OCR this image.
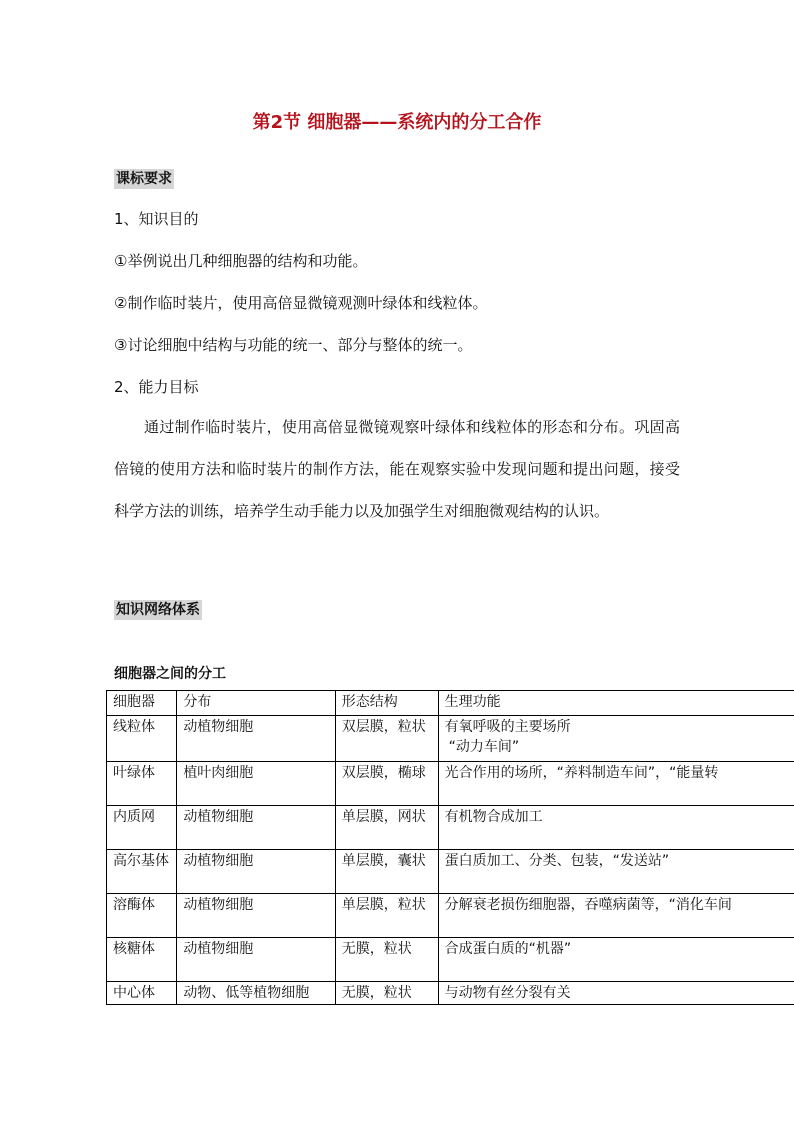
第2节 细胞器——系统内的分工合作
课标要求
1、知识目的
①举例说出几种细胞器的结构和功能。
②制作临时装片，使用高倍显微镜观测叶绿体和线粒体。
③讨论细胞中结构与功能的统一、部分与整体的统一。
2、能力目标
通过制作临时装片，使用高倍显微镜观察叶绿体和线粒体的形态和分布。巩固高倍镜的使用方法和临时装片的制作方法，能在观察实验中发现问题和提出问题，接受科学方法的训练，培养学生动手能力以及加强学生对细胞微观结构的认识。
知识网络体系
细胞器之间的分工
细胞器	分布	形态结构	生理功能
线粒体	动植物细胞	双层膜，粒状	有氧呼吸的主要场所
“动力车间”

叶绿体	植叶肉细胞	双层膜，椭球	光合作用的场所，“养料制造车间”，“能量转
内质网	动植物细胞	单层膜，网状	有机物合成加工
高尔基体	动植物细胞	单层膜，囊状	蛋白质加工、分类、包装，“发送站”
溶酶体	动植物细胞	单层膜，粒状	分解衰老损伤细胞器，吞噬病菌等，“消化车间
核糖体	动植物细胞	无膜，粒状	合成蛋白质的“机器”
中心体	动物、低等植物细胞	无膜，粒状	与动物有丝分裂有关
